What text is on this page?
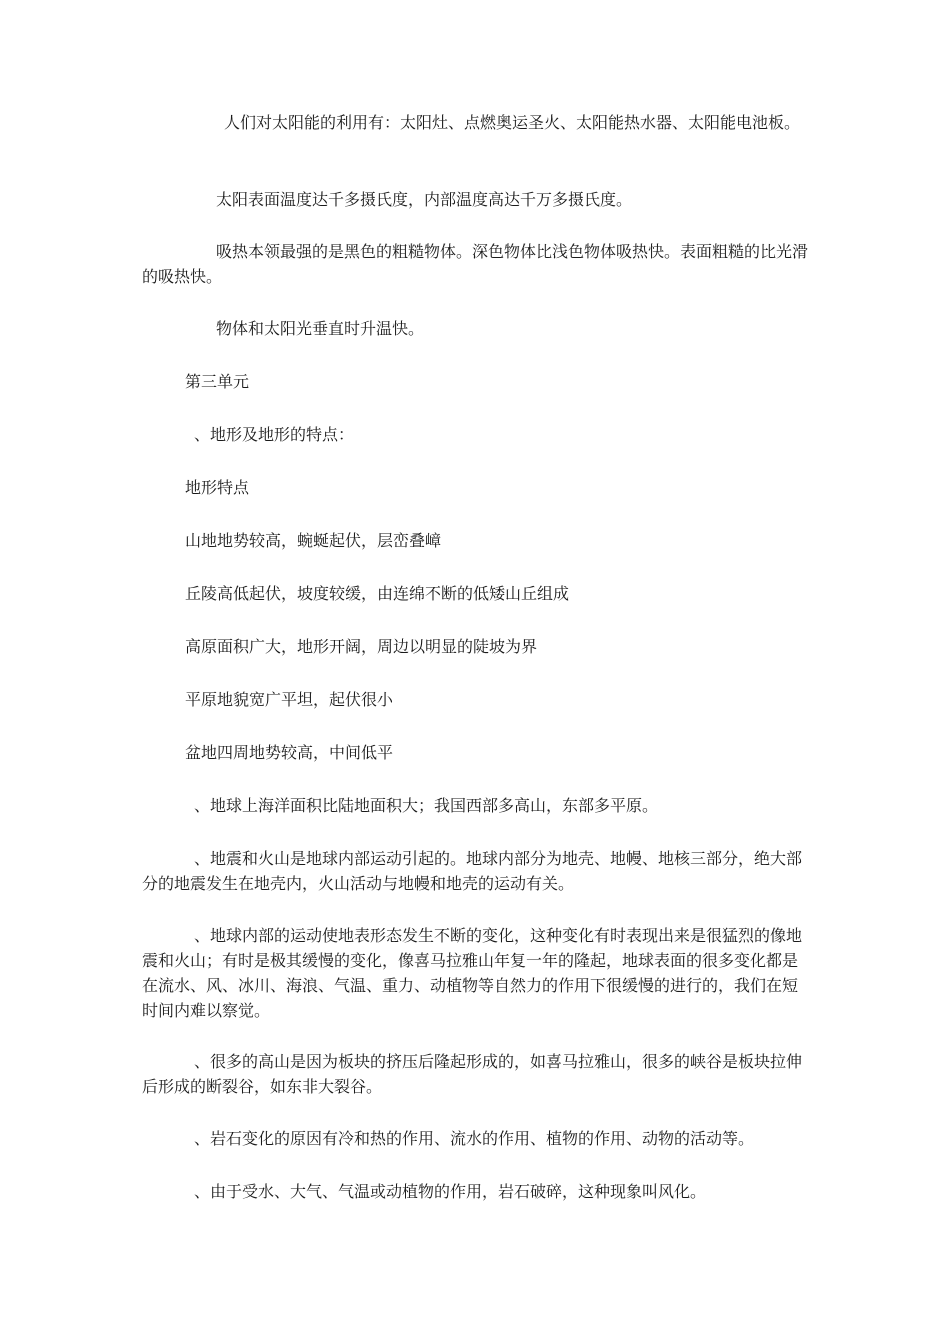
人们对太阳能的利用有：太阳灶、点燃奥运圣火、太阳能热水器、太阳能电池板。

太阳表面温度达千多摄氏度，内部温度高达千万多摄氏度。

吸热本领最强的是黑色的粗糙物体。深色物体比浅色物体吸热快。表面粗糙的比光滑的吸热快。

物体和太阳光垂直时升温快。

第三单元

、地形及地形的特点：

地形特点

山地地势较高，蜿蜒起伏，层峦叠嶂

丘陵高低起伏，坡度较缓，由连绵不断的低矮山丘组成

高原面积广大，地形开阔，周边以明显的陡坡为界

平原地貌宽广平坦，起伏很小

盆地四周地势较高，中间低平

、地球上海洋面积比陆地面积大；我国西部多高山，东部多平原。

、地震和火山是地球内部运动引起的。地球内部分为地壳、地幔、地核三部分，绝大部分的地震发生在地壳内，火山活动与地幔和地壳的运动有关。

、地球内部的运动使地表形态发生不断的变化，这种变化有时表现出来是很猛烈的像地震和火山；有时是极其缓慢的变化，像喜马拉雅山年复一年的隆起，地球表面的很多变化都是在流水、风、冰川、海浪、气温、重力、动植物等自然力的作用下很缓慢的进行的，我们在短时间内难以察觉。

、很多的高山是因为板块的挤压后隆起形成的，如喜马拉雅山，很多的峡谷是板块拉伸后形成的断裂谷，如东非大裂谷。

、岩石变化的原因有冷和热的作用、流水的作用、植物的作用、动物的活动等。

、由于受水、大气、气温或动植物的作用，岩石破碎，这种现象叫风化。
